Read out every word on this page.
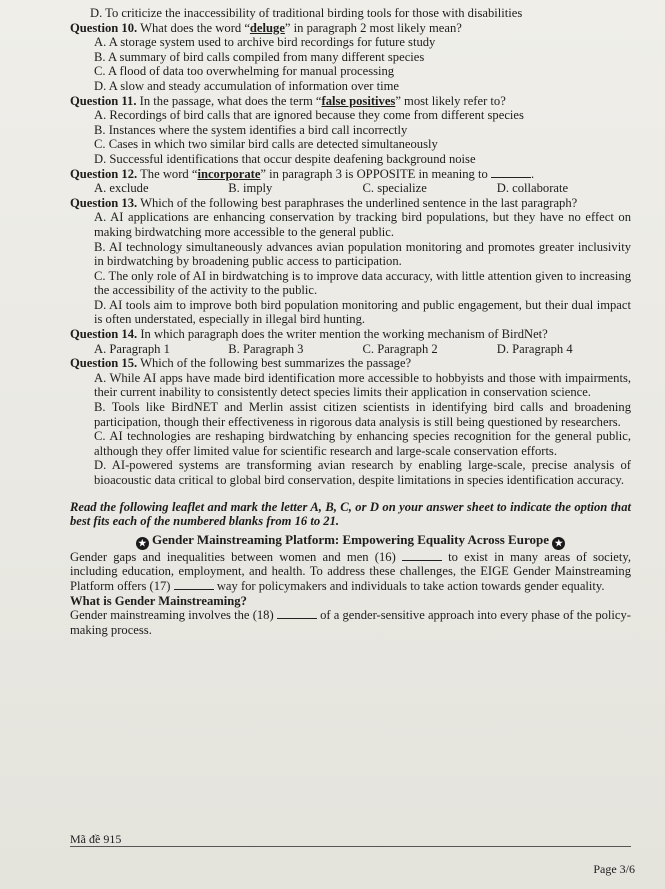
D. To criticize the inaccessibility of traditional birding tools for those with disabilities
Question 10. What does the word “deluge” in paragraph 2 most likely mean?
A. A storage system used to archive bird recordings for future study
B. A summary of bird calls compiled from many different species
C. A flood of data too overwhelming for manual processing
D. A slow and steady accumulation of information over time
Question 11. In the passage, what does the term “false positives” most likely refer to?
A. Recordings of bird calls that are ignored because they come from different species
B. Instances where the system identifies a bird call incorrectly
C. Cases in which two similar bird calls are detected simultaneously
D. Successful identifications that occur despite deafening background noise
Question 12. The word “incorporate” in paragraph 3 is OPPOSITE in meaning to	.
A. exclude	B. imply	C. specialize	D. collaborate
Question 13. Which of the following best paraphrases the underlined sentence in the last paragraph?
A. AI applications are enhancing conservation by tracking bird populations, but they have no effect on making birdwatching more accessible to the general public.
B. AI technology simultaneously advances avian population monitoring and promotes greater inclusivity in birdwatching by broadening public access to participation.
C. The only role of AI in birdwatching is to improve data accuracy, with little attention given to increasing the accessibility of the activity to the public.
D. AI tools aim to improve both bird population monitoring and public engagement, but their dual impact is often understated, especially in illegal bird hunting.
Question 14. In which paragraph does the writer mention the working mechanism of BirdNet?
A. Paragraph 1	B. Paragraph 3	C. Paragraph 2	D. Paragraph 4
Question 15. Which of the following best summarizes the passage?
A. While AI apps have made bird identification more accessible to hobbyists and those with impairments, their current inability to consistently detect species limits their application in conservation science.
B. Tools like BirdNET and Merlin assist citizen scientists in identifying bird calls and broadening participation, though their effectiveness in rigorous data analysis is still being questioned by researchers.
C. AI technologies are reshaping birdwatching by enhancing species recognition for the general public, although they offer limited value for scientific research and large-scale conservation efforts.
D. AI-powered systems are transforming avian research by enabling large-scale, precise analysis of bioacoustic data critical to global bird conservation, despite limitations in species identification accuracy.
Read the following leaflet and mark the letter A, B, C, or D on your answer sheet to indicate the option that best fits each of the numbered blanks from 16 to 21.
★ Gender Mainstreaming Platform: Empowering Equality Across Europe ★
Gender gaps and inequalities between women and men (16)	to exist in many areas of society, including education, employment, and health. To address these challenges, the EIGE Gender Mainstreaming Platform offers (17)	way for policymakers and individuals to take action towards gender equality.
What is Gender Mainstreaming?
Gender mainstreaming involves the (18)	of a gender-sensitive approach into every phase of the policy-making process.
Mã đề 915
Page 3/6
